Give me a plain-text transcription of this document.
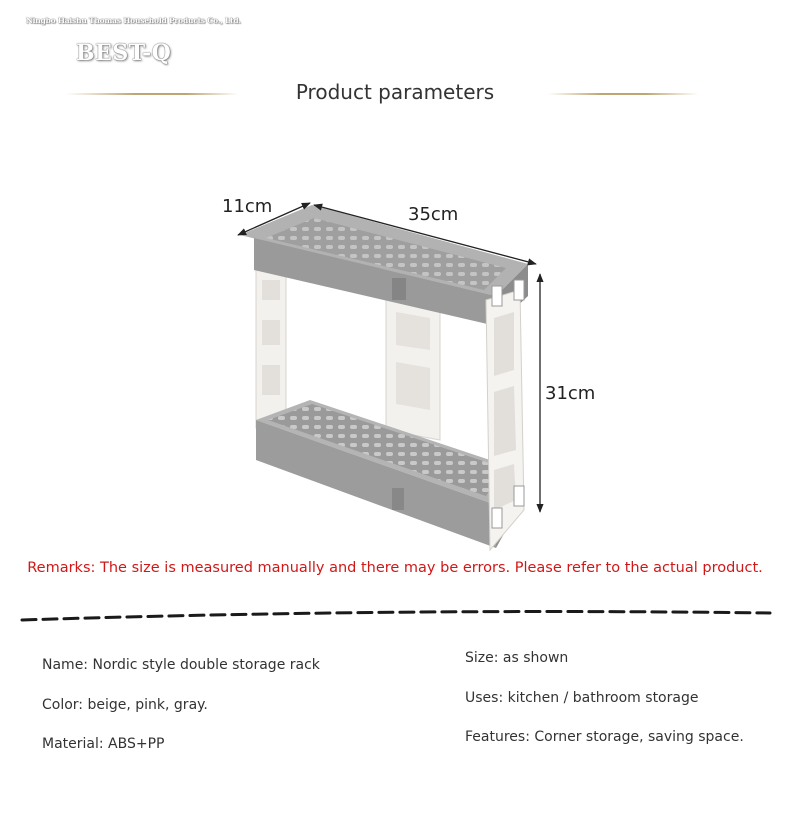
Ningbo Haishu Thomas Household Products Co., Ltd.
BEST-Q
Product parameters
11cm	35cm
31cm
Remarks: The size is measured manually and there may be errors. Please refer to the actual product.
Name: Nordic style double storage rack
Color: beige, pink, gray.
Material: ABS+PP
Size: as shown
Uses: kitchen / bathroom storage
Features: Corner storage, saving space.
